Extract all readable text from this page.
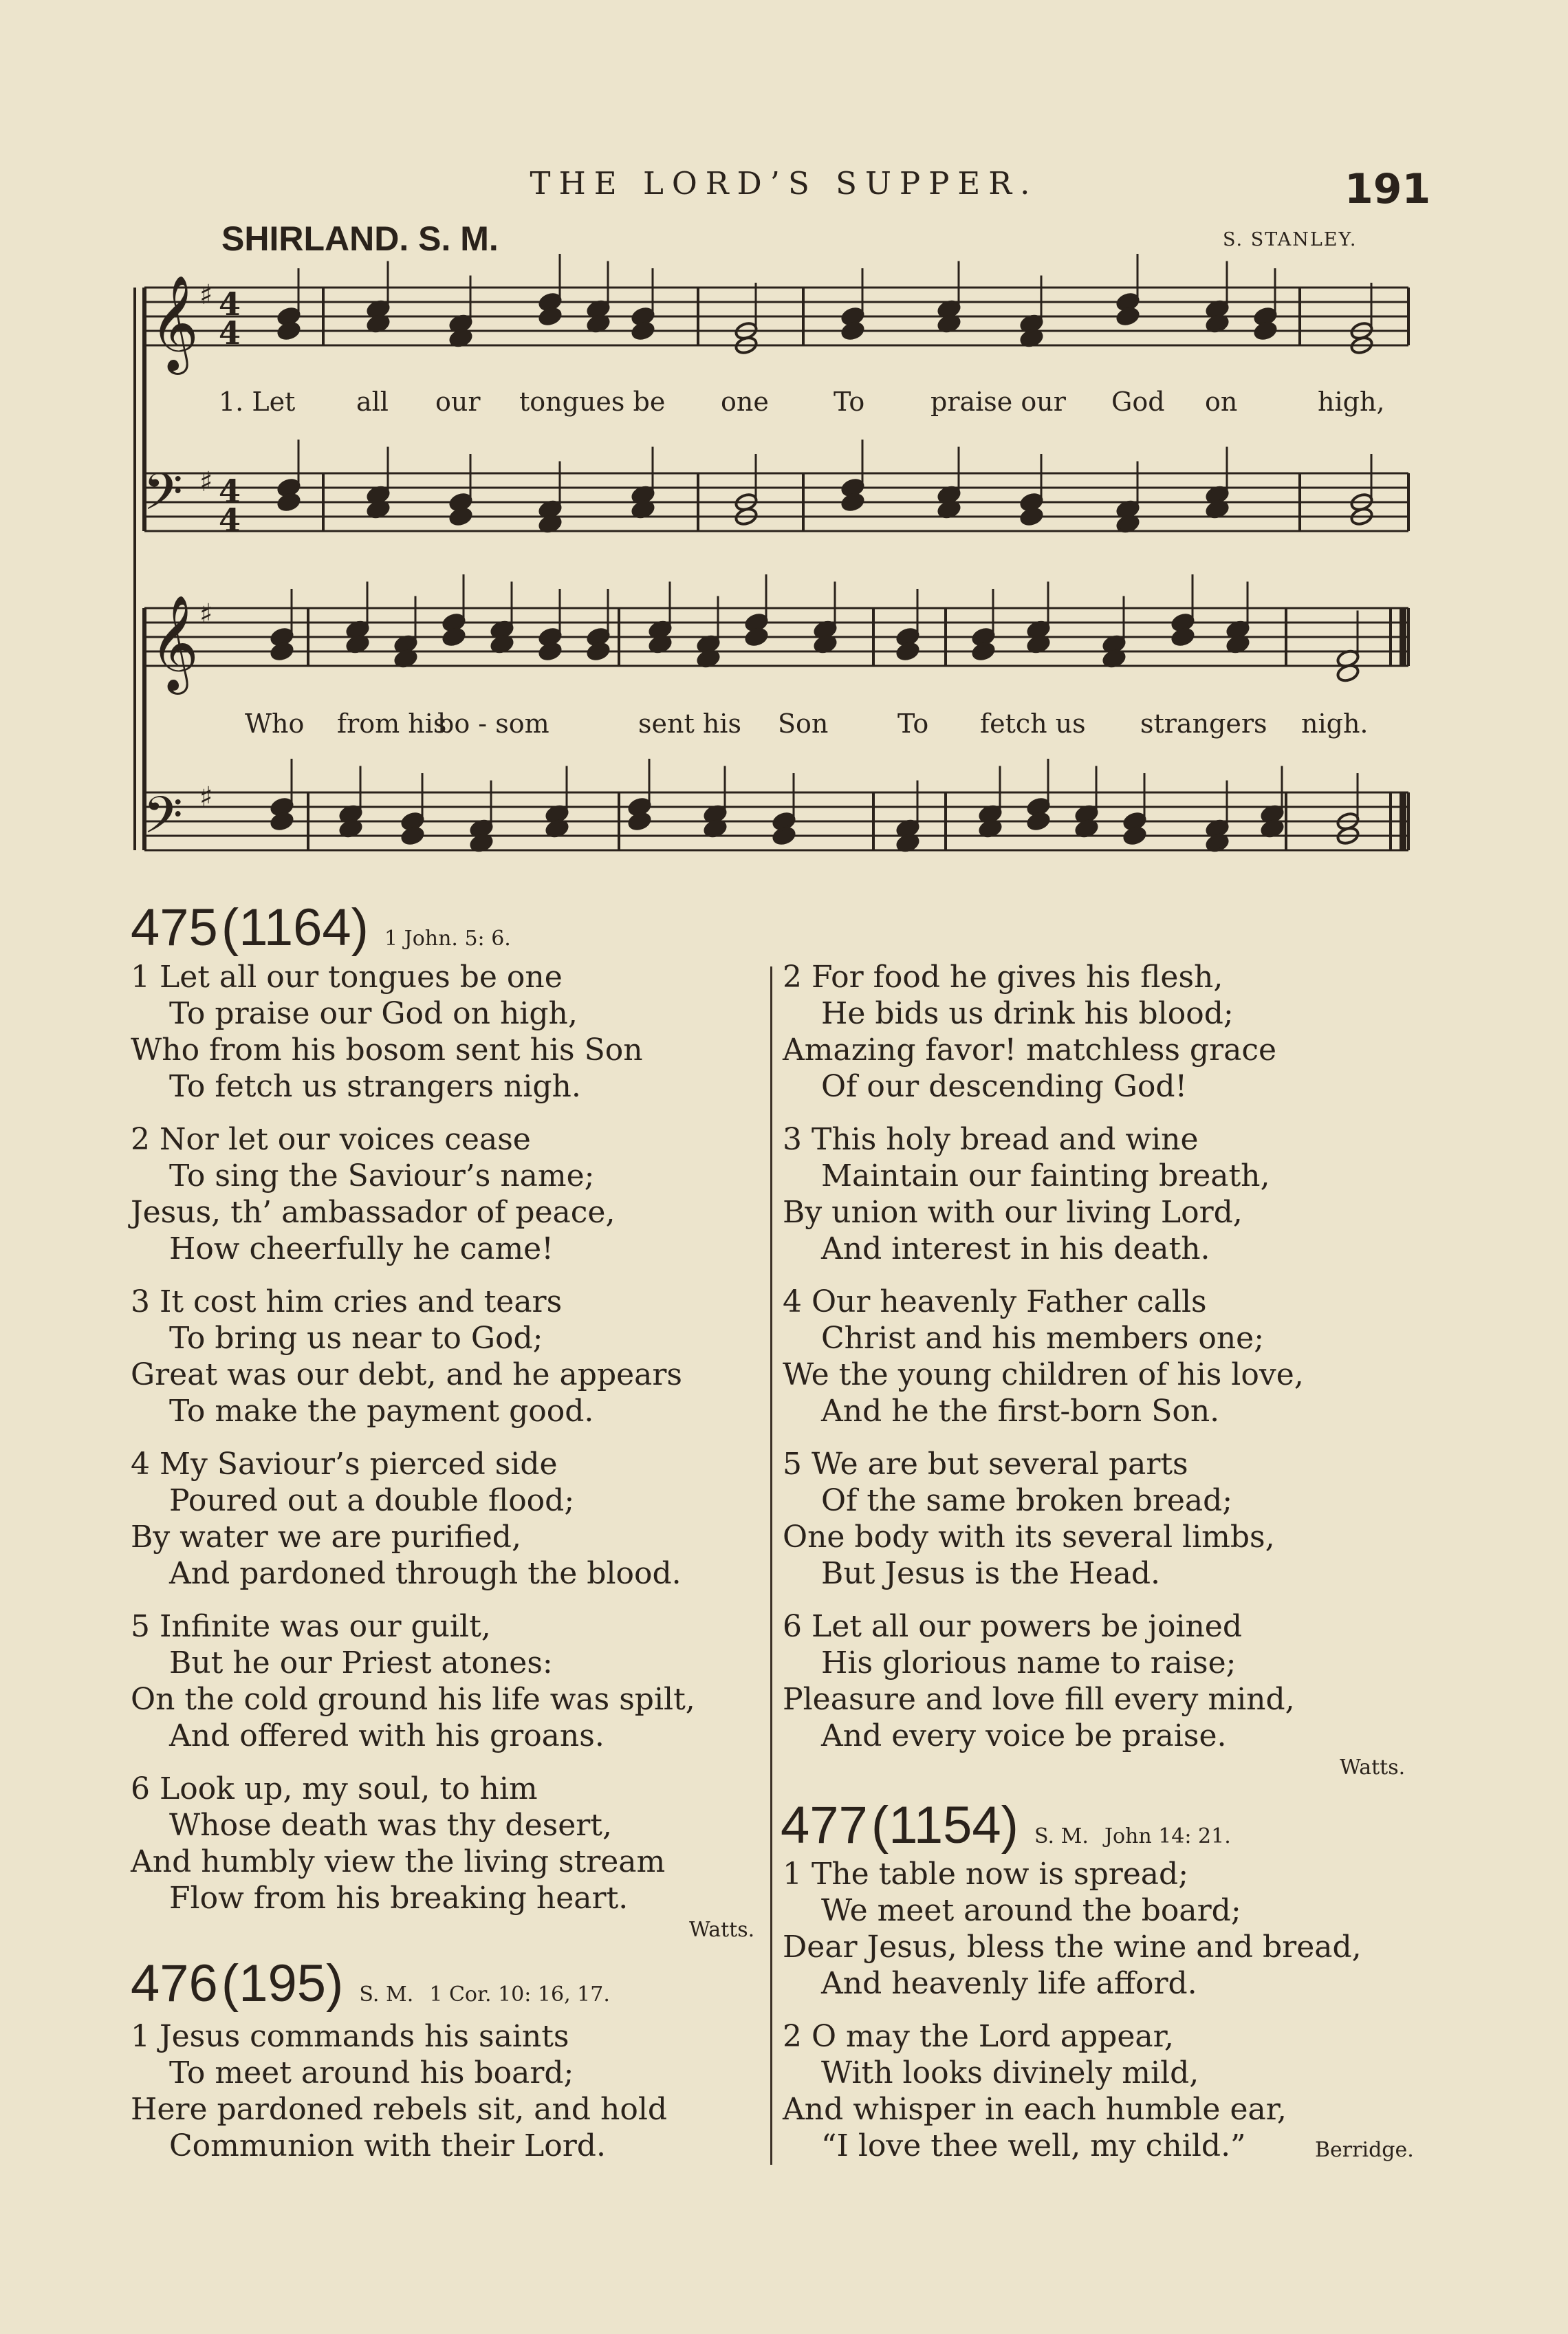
THE LORD’S SUPPER.	191
SHIRLAND. S. M.	S. STANLEY.
𝄞
𝄢
𝄞
𝄢
4
4
4
4
♯
♯
♯
♯
1. Let all our tongues be one To	praise our God on	high,
Who from his
bo - som	sent his Son	To fetch us strangers nigh.
475 (1164) 1 John. 5: 6.
1 Let all our tongues be one
To praise our God on high,
Who from his bosom sent his Son
To fetch us strangers nigh.
2 Nor let our voices cease
To sing the Saviour’s name;
Jesus, th’ ambassador of peace,
How cheerfully he came!
3 It cost him cries and tears
To bring us near to God;
Great was our debt, and he appears
To make the payment good.
4 My Saviour’s pierced side
Poured out a double flood;
By water we are purified,
And pardoned through the blood.
5 Infinite was our guilt,
But he our Priest atones:
On the cold ground his life was spilt,
And offered with his groans.
6 Look up, my soul, to him
Whose death was thy desert,
And humbly view the living stream
Flow from his breaking heart.
Watts.
476 (195) S. M. 1 Cor. 10: 16, 17.
1 Jesus commands his saints
To meet around his board;
Here pardoned rebels sit, and hold
Communion with their Lord.
2 For food he gives his flesh,
He bids us drink his blood;
Amazing favor! matchless grace
Of our descending God!
3 This holy bread and wine
Maintain our fainting breath,
By union with our living Lord,
And interest in his death.
4 Our heavenly Father calls
Christ and his members one;
We the young children of his love,
And he the first-born Son.
5 We are but several parts
Of the same broken bread;
One body with its several limbs,
But Jesus is the Head.
6 Let all our powers be joined
His glorious name to raise;
Pleasure and love fill every mind,
And every voice be praise.
Watts.
477 (1154) S. M. John 14: 21.
1 The table now is spread;
We meet around the board;
Dear Jesus, bless the wine and bread,
And heavenly life afford.
2 O may the Lord appear,
With looks divinely mild,
And whisper in each humble ear,
“I love thee well, my child.”	Berridge.
